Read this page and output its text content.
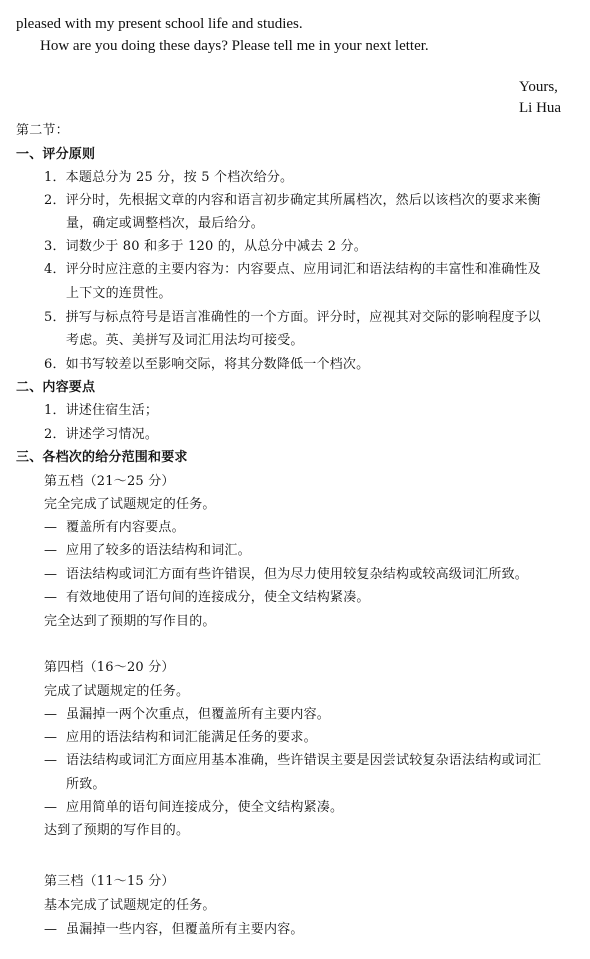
pleased with my present school life and studies.
How are you doing these days? Please tell me in your next letter.
Yours,
Li Hua
第二节：
一、评分原则
1．本题总分为 25 分，按 5 个档次给分。
2．评分时，先根据文章的内容和语言初步确定其所属档次，然后以该档次的要求来衡
量，确定或调整档次，最后给分。
3．词数少于 80 和多于 120 的，从总分中减去 2 分。
4．评分时应注意的主要内容为：内容要点、应用词汇和语法结构的丰富性和准确性及
上下文的连贯性。
5．拼写与标点符号是语言准确性的一个方面。评分时，应视其对交际的影响程度予以
考虑。英、美拼写及词汇用法均可接受。
6．如书写较差以至影响交际，将其分数降低一个档次。
二、内容要点
1．讲述住宿生活；
2．讲述学习情况。
三、各档次的给分范围和要求
第五档（21～25 分）
完全完成了试题规定的任务。
— 覆盖所有内容要点。
— 应用了较多的语法结构和词汇。
— 语法结构或词汇方面有些许错误，但为尽力使用较复杂结构或较高级词汇所致。
— 有效地使用了语句间的连接成分，使全文结构紧凑。
完全达到了预期的写作目的。
第四档（16～20 分）
完成了试题规定的任务。
— 虽漏掉一两个次重点，但覆盖所有主要内容。
— 应用的语法结构和词汇能满足任务的要求。
— 语法结构或词汇方面应用基本准确，些许错误主要是因尝试较复杂语法结构或词汇
所致。
— 应用简单的语句间连接成分，使全文结构紧凑。
达到了预期的写作目的。
第三档（11～15 分）
基本完成了试题规定的任务。
— 虽漏掉一些内容，但覆盖所有主要内容。
